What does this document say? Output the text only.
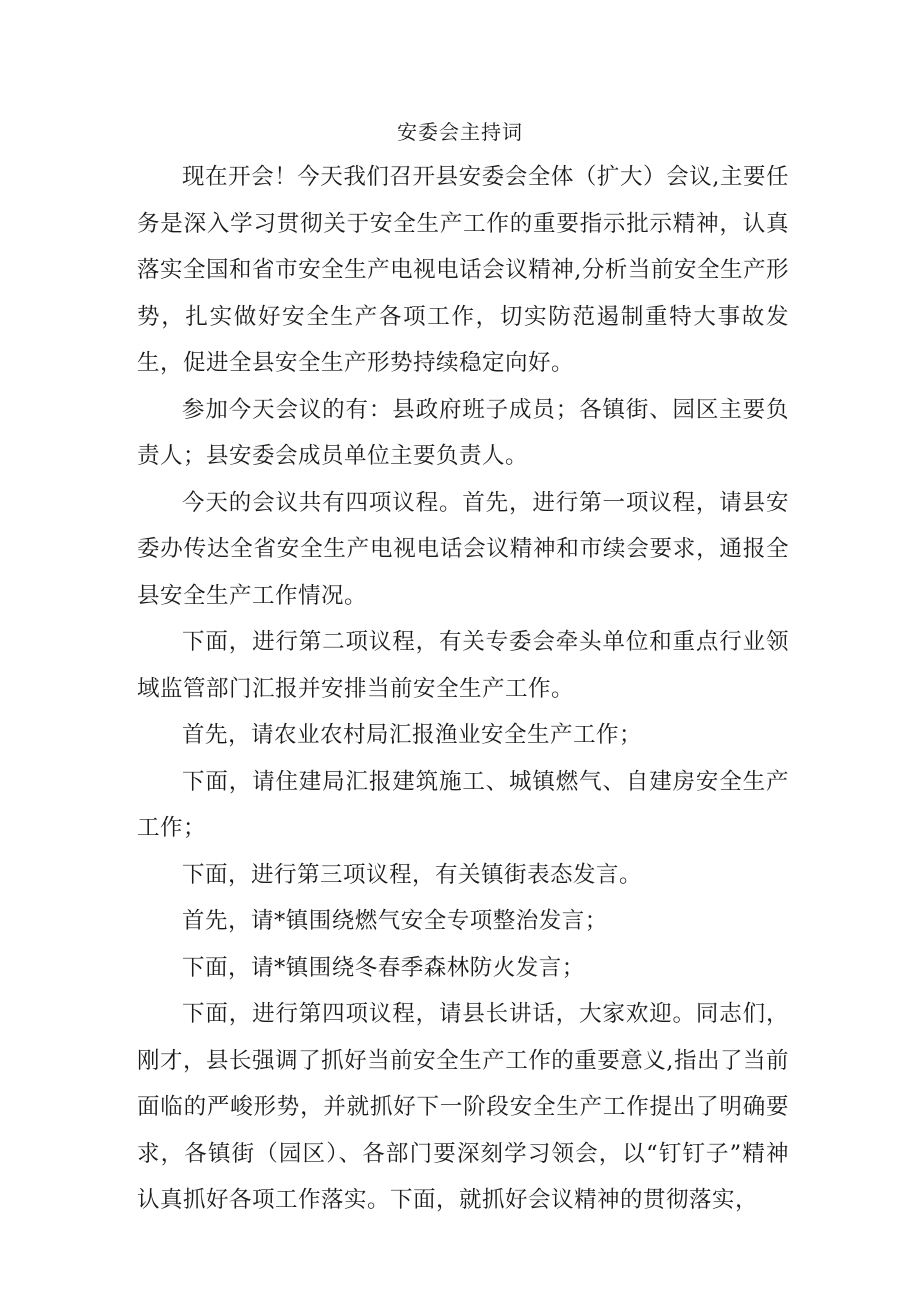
安委会主持词

现在开会！今天我们召开县安委会全体（扩大）会议,主要任务是深入学习贯彻关于安全生产工作的重要指示批示精神，认真落实全国和省市安全生产电视电话会议精神,分析当前安全生产形势，扎实做好安全生产各项工作，切实防范遏制重特大事故发生，促进全县安全生产形势持续稳定向好。

参加今天会议的有：县政府班子成员；各镇街、园区主要负责人；县安委会成员单位主要负责人。

今天的会议共有四项议程。首先，进行第一项议程，请县安委办传达全省安全生产电视电话会议精神和市续会要求，通报全县安全生产工作情况。

下面，进行第二项议程，有关专委会牵头单位和重点行业领域监管部门汇报并安排当前安全生产工作。

首先，请农业农村局汇报渔业安全生产工作；

下面，请住建局汇报建筑施工、城镇燃气、自建房安全生产工作；

下面，进行第三项议程，有关镇街表态发言。

首先，请*镇围绕燃气安全专项整治发言；

下面，请*镇围绕冬春季森林防火发言；

下面，进行第四项议程，请县长讲话，大家欢迎。同志们，刚才，县长强调了抓好当前安全生产工作的重要意义,指出了当前面临的严峻形势，并就抓好下一阶段安全生产工作提出了明确要求，各镇街（园区）、各部门要深刻学习领会，以“钉钉子”精神认真抓好各项工作落实。下面，就抓好会议精神的贯彻落实，
